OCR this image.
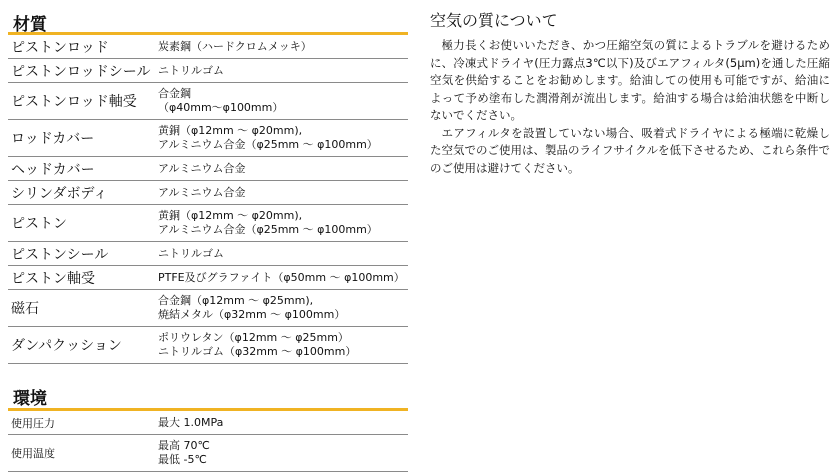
材質
ピストンロッド	炭素鋼（ハードクロムメッキ）

ピストンロッドシール	ニトリルゴム

ピストンロッド軸受	合金鋼
（φ40mm～φ100mm）

ロッドカバー	黄銅（φ12mm ～ φ20mm),
アルミニウム合金（φ25mm ～ φ100mm）

ヘッドカバー	アルミニウム合金

シリンダボディ	アルミニウム合金

ピストン	黄銅（φ12mm ～ φ20mm),
アルミニウム合金（φ25mm ～ φ100mm）

ピストンシール	ニトリルゴム

ピストン軸受	PTFE及びグラファイト（φ50mm ～ φ100mm）

磁石	合金鋼（φ12mm ～ φ25mm),
焼結メタル（φ32mm ～ φ100mm）

ダンパクッション	ポリウレタン（φ12mm ～ φ25mm）
ニトリルゴム（φ32mm ～ φ100mm）
環境
使用圧力	最大 1.0MPa

使用温度	最高 70℃
最低 -5℃
空気の質について

極力長くお使いいただき、かつ圧縮空気の質によるトラブルを避けるために、冷凍式ドライヤ(圧力露点3℃以下)及びエアフィルタ(5μm)を通した圧縮空気を供給することをお勧めします。給油しての使用も可能ですが、給油によって予め塗布した潤滑剤が流出します。給油する場合は給油状態を中断しないでください。

エアフィルタを設置していない場合、吸着式ドライヤによる極端に乾燥した空気でのご使用は、製品のライフサイクルを低下させるため、これら条件でのご使用は避けてください。
